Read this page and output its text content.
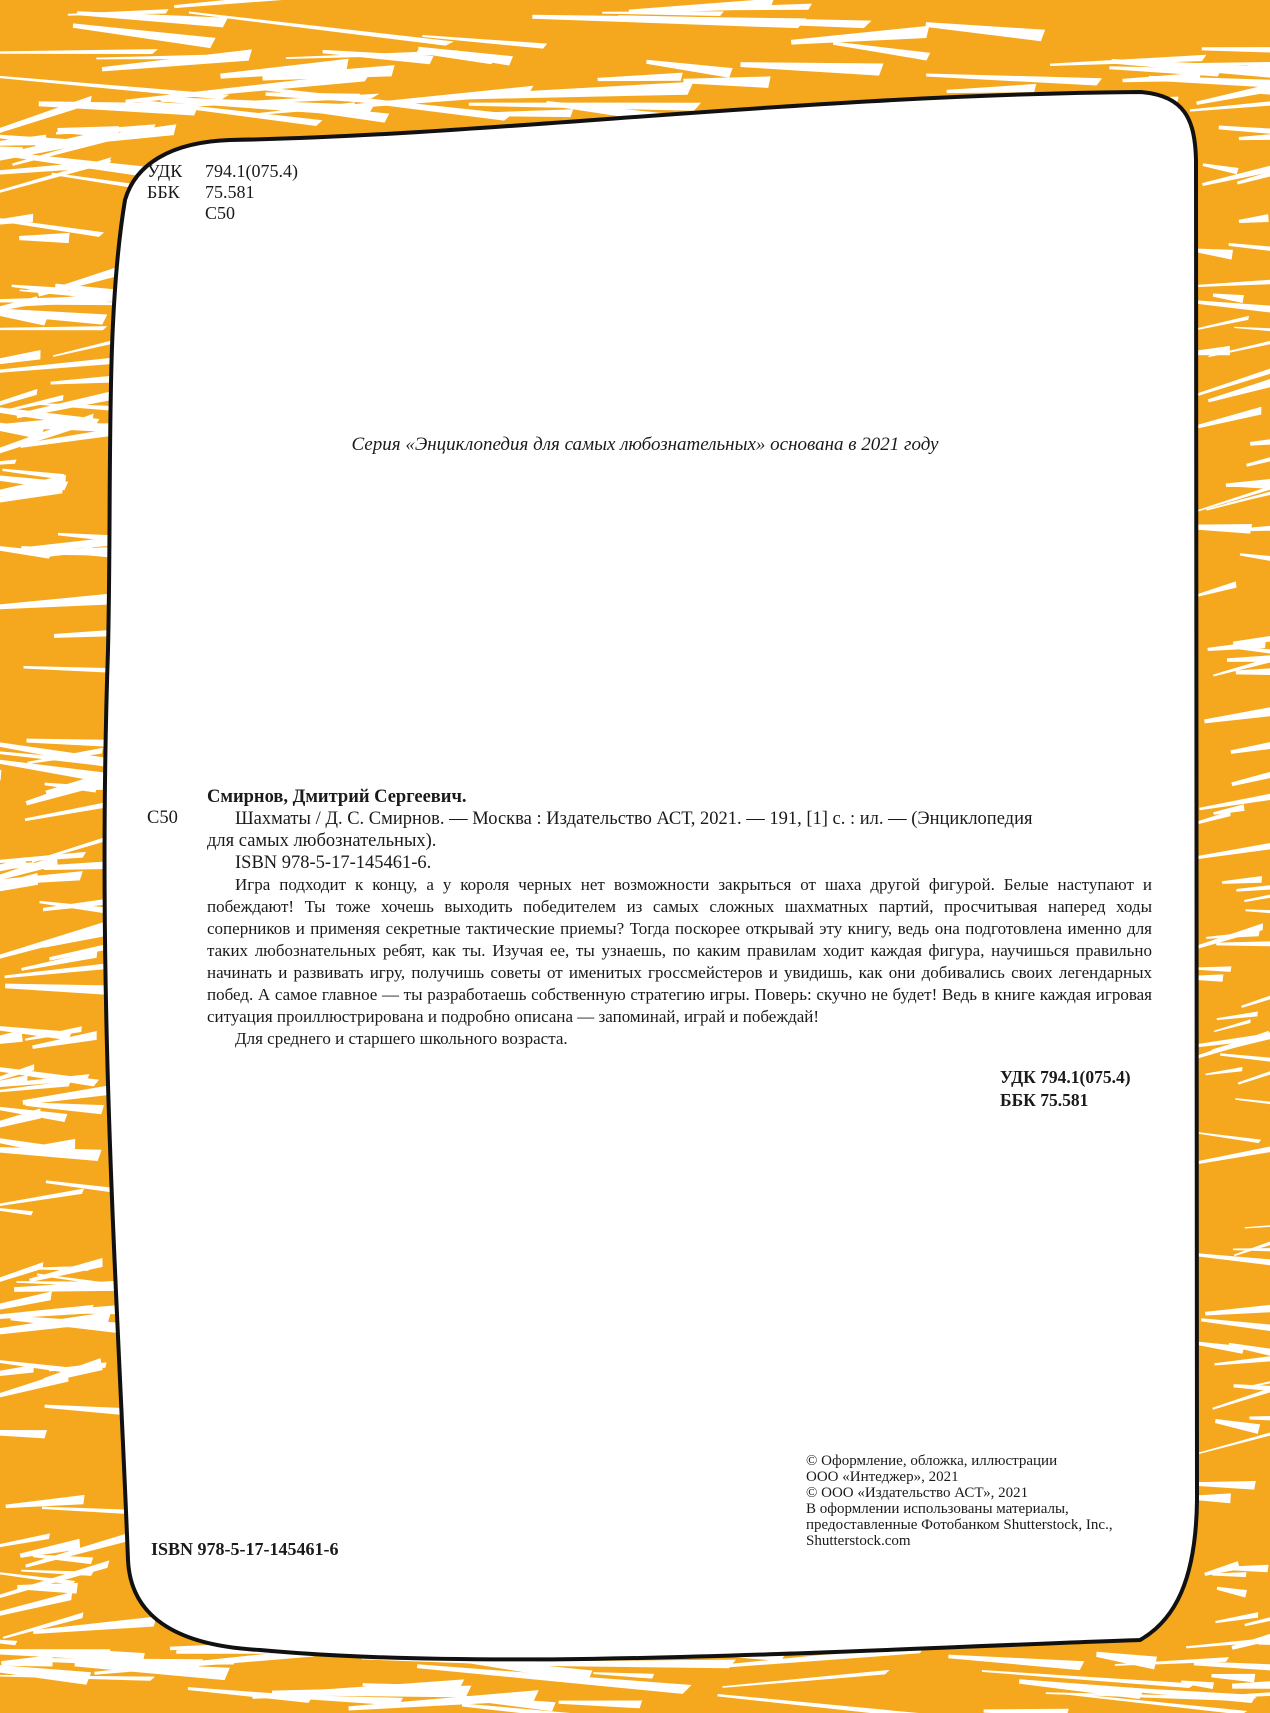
УДК	794.1(075.4)
ББК	75.581
С50
Серия «Энциклопедия для самых любознательных» основана в 2021 году
С50

Смирнов, Дмитрий Сергеевич.

Шахматы / Д. С. Смирнов. — Москва : Издательство АСТ, 2021. — 191, [1] с. : ил. — (Энциклопедия

для самых любознательных).

ISBN 978-5-17-145461-6.

Игра подходит к концу, а у короля черных нет возможности закрыться от шаха другой фигурой. Белые наступают и побеждают! Ты тоже хочешь выходить победителем из самых сложных шахматных партий, просчитывая наперед ходы соперников и применяя секретные тактические приемы? Тогда поскорее открывай эту книгу, ведь она подготовлена именно для таких любознательных ребят, как ты. Изучая ее, ты узнаешь, по каким правилам ходит каждая фигура, научишься правильно начинать и развивать игру, получишь советы от именитых гроссмейстеров и увидишь, как они добивались своих легендарных побед. А самое главное — ты разработаешь собственную стратегию игры. Поверь: скучно не будет! Ведь в книге каждая игровая ситуация проиллюстрирована и подробно описана — запоминай, играй и побеждай!

Для среднего и старшего школьного возраста.

УДК 794.1(075.4)
ББК 75.581
© Оформление, обложка, иллюстрации
ООО «Интеджер», 2021
© ООО «Издательство АСТ», 2021
В оформлении использованы материалы,
предоставленные Фотобанком Shutterstock, Inc.,
Shutterstock.com
ISBN 978-5-17-145461-6
